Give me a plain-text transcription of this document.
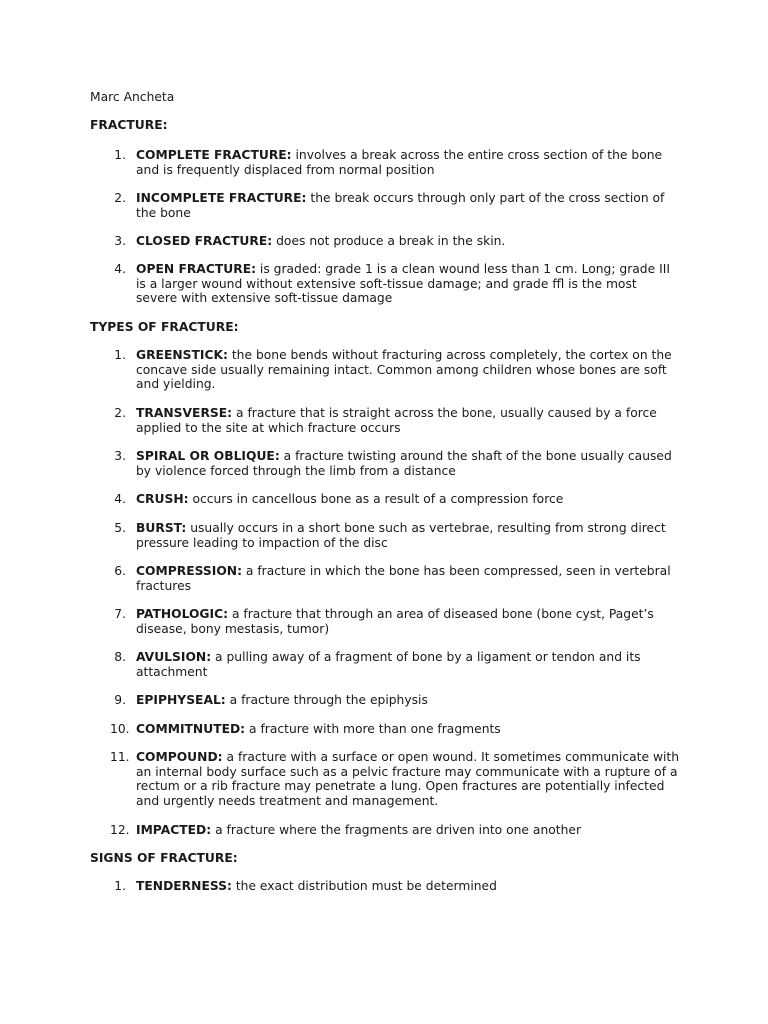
Marc Ancheta
FRACTURE:
1. COMPLETE FRACTURE: involves a break across the entire cross section of the bone and is frequently displaced from normal position
2. INCOMPLETE FRACTURE: the break occurs through only part of the cross section of the bone
3. CLOSED FRACTURE: does not produce a break in the skin.
4. OPEN FRACTURE: is graded: grade 1 is a clean wound less than 1 cm. Long; grade III is a larger wound without extensive soft-tissue damage; and grade ffl is the most severe with extensive soft-tissue damage
TYPES OF FRACTURE:
1. GREENSTICK: the bone bends without fracturing across completely, the cortex on the concave side usually remaining intact. Common among children whose bones are soft and yielding.
2. TRANSVERSE: a fracture that is straight across the bone, usually caused by a force applied to the site at which fracture occurs
3. SPIRAL OR OBLIQUE: a fracture twisting around the shaft of the bone usually caused by violence forced through the limb from a distance
4. CRUSH: occurs in cancellous bone as a result of a compression force
5. BURST: usually occurs in a short bone such as vertebrae, resulting from strong direct pressure leading to impaction of the disc
6. COMPRESSION: a fracture in which the bone has been compressed, seen in vertebral fractures
7. PATHOLOGIC: a fracture that through an area of diseased bone (bone cyst, Paget’s disease, bony mestasis, tumor)
8. AVULSION: a pulling away of a fragment of bone by a ligament or tendon and its attachment
9. EPIPHYSEAL: a fracture through the epiphysis
10. COMMITNUTED: a fracture with more than one fragments
11. COMPOUND: a fracture with a surface or open wound. It sometimes communicate with an internal body surface such as a pelvic fracture may communicate with a rupture of a rectum or a rib fracture may penetrate a lung. Open fractures are potentially infected and urgently needs treatment and management.
12. IMPACTED: a fracture where the fragments are driven into one another
SIGNS OF FRACTURE:
1. TENDERNESS: the exact distribution must be determined
